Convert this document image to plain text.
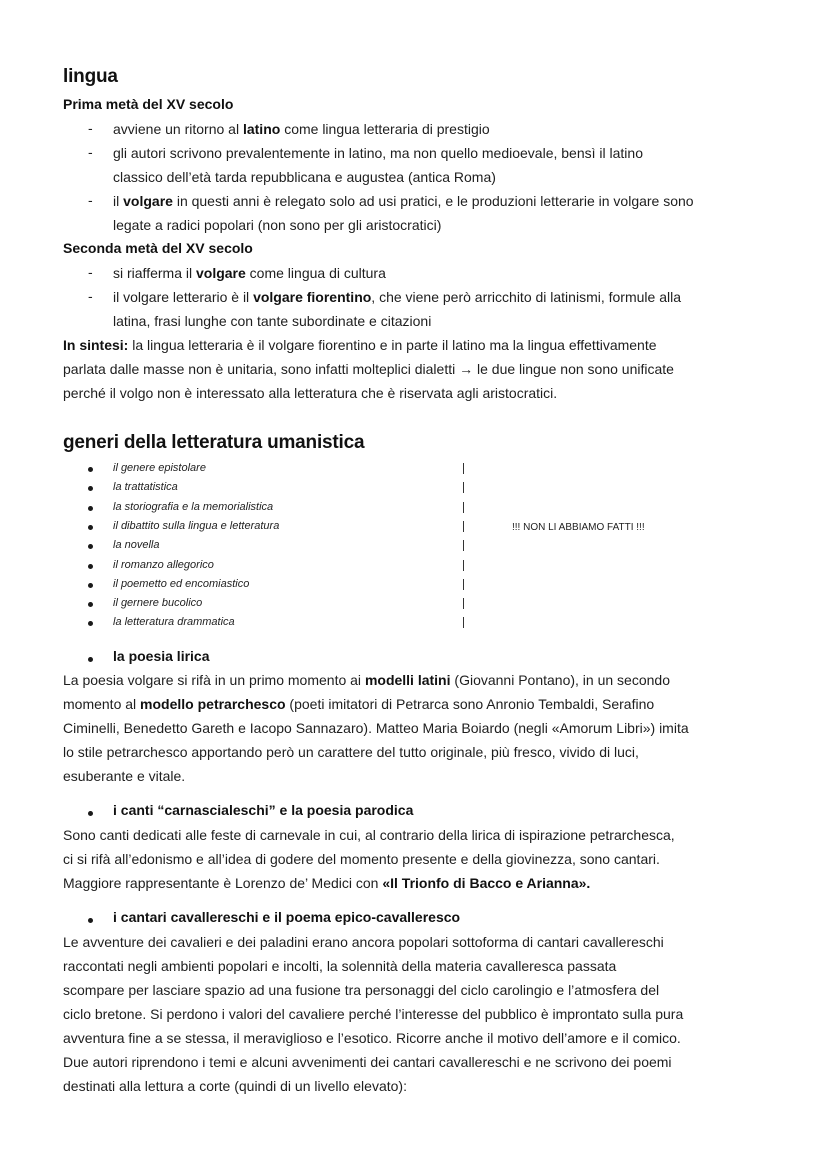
lingua
Prima metà del XV secolo
- avviene un ritorno al latino come lingua letteraria di prestigio
- gli autori scrivono prevalentemente in latino, ma non quello medioevale, bensì il latino
classico dell’età tarda repubblicana e augustea (antica Roma)
- il volgare in questi anni è relegato solo ad usi pratici, e le produzioni letterarie in volgare sono
legate a radici popolari (non sono per gli aristocratici)
Seconda metà del XV secolo
- si riafferma il volgare come lingua di cultura
- il volgare letterario è il volgare fiorentino, che viene però arricchito di latinismi, formule alla
latina, frasi lunghe con tante subordinate e citazioni
In sintesi: la lingua letteraria è il volgare fiorentino e in parte il latino ma la lingua effettivamente
parlata dalle masse non è unitaria, sono infatti molteplici dialetti → le due lingue non sono unificate
perché il volgo non è interessato alla letteratura che è riservata agli aristocratici.
generi della letteratura umanistica
il genere epistolare
la trattatistica
la storiografia e la memorialistica
il dibattito sulla lingua e letteratura
la novella
il romanzo allegorico
il poemetto ed encomiastico
il gernere bucolico
la letteratura drammatica
!!! NON LI ABBIAMO FATTI !!!
la poesia lirica
La poesia volgare si rifà in un primo momento ai modelli latini (Giovanni Pontano), in un secondo
momento al modello petrarchesco (poeti imitatori di Petrarca sono Anronio Tembaldi, Serafino
Ciminelli, Benedetto Gareth e Iacopo Sannazaro). Matteo Maria Boiardo (negli «Amorum Libri») imita
lo stile petrarchesco apportando però un carattere del tutto originale, più fresco, vivido di luci,
esuberante e vitale.
i canti “carnascialeschi” e la poesia parodica
Sono canti dedicati alle feste di carnevale in cui, al contrario della lirica di ispirazione petrarchesca,
ci si rifà all’edonismo e all’idea di godere del momento presente e della giovinezza, sono cantari.
Maggiore rappresentante è Lorenzo de’ Medici con «Il Trionfo di Bacco e Arianna».
i cantari cavallereschi e il poema epico-cavalleresco
Le avventure dei cavalieri e dei paladini erano ancora popolari sottoforma di cantari cavallereschi
raccontati negli ambienti popolari e incolti, la solennità della materia cavalleresca passata
scompare per lasciare spazio ad una fusione tra personaggi del ciclo carolingio e l’atmosfera del
ciclo bretone. Si perdono i valori del cavaliere perché l’interesse del pubblico è improntato sulla pura
avventura fine a se stessa, il meraviglioso e l’esotico. Ricorre anche il motivo dell’amore e il comico.
Due autori riprendono i temi e alcuni avvenimenti dei cantari cavallereschi e ne scrivono dei poemi
destinati alla lettura a corte (quindi di un livello elevato):
